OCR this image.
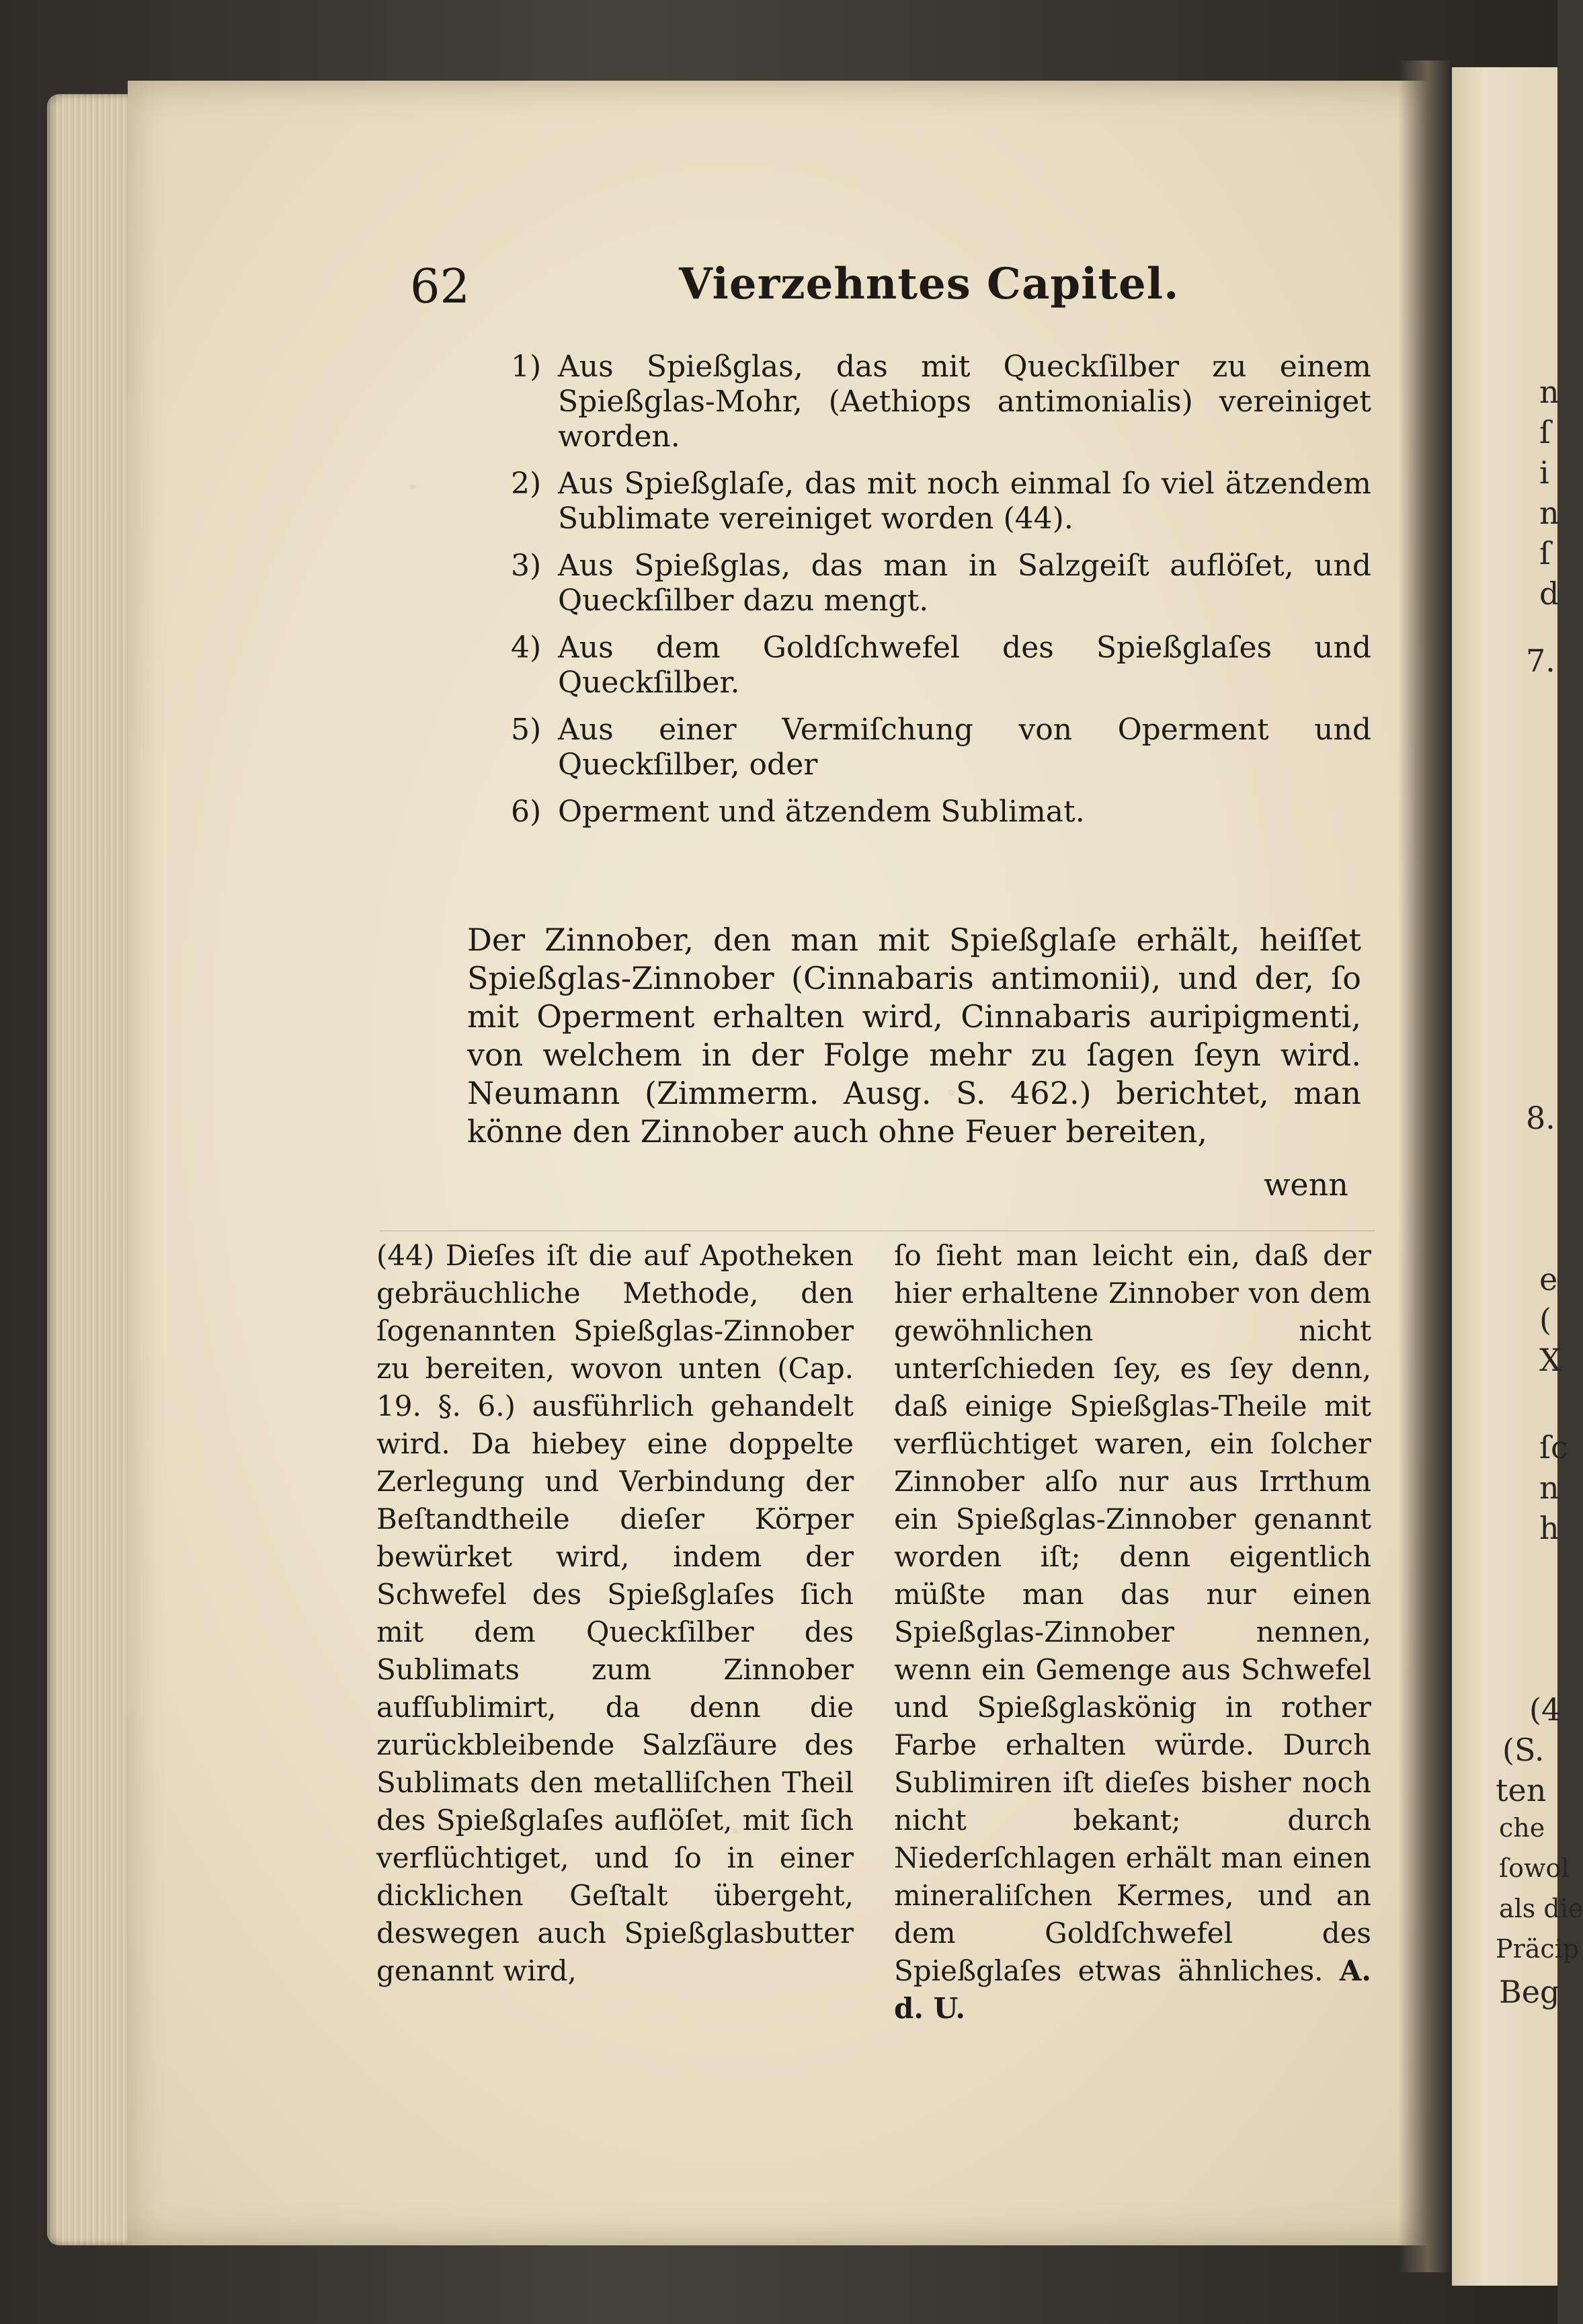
62	Vierzehntes Capitel.
1) Aus Spießglas, das mit Queckſilber zu einem Spießglas-Mohr, (Aethiops antimonialis) vereiniget worden.
2) Aus Spießglaſe, das mit noch einmal ſo viel ätzendem Sublimate vereiniget worden (44).
3) Aus Spießglas, das man in Salzgeiſt auflöſet, und Queckſilber dazu mengt.
4) Aus dem Goldſchwefel des Spießglaſes und Queckſilber.
5) Aus einer Vermiſchung von Operment und Queckſilber, oder
6) Operment und ätzendem Sublimat.
Der Zinnober, den man mit Spießglaſe erhält, heiſſet Spießglas-Zinnober (Cinnabaris antimonii), und der, ſo mit Operment erhalten wird, Cinnabaris auripigmenti, von welchem in der Folge mehr zu ſagen ſeyn wird. Neumann (Zimmerm. Ausg. S. 462.) berichtet, man könne den Zinnober auch ohne Feuer bereiten,
wenn
(44) Dieſes iſt die auf Apotheken gebräuchliche Methode, den ſogenannten Spießglas-Zinnober zu bereiten, wovon unten (Cap. 19. §. 6.) ausführlich gehandelt wird. Da hiebey eine doppelte Zerlegung und Verbindung der Beſtandtheile dieſer Körper bewürket wird, indem der Schwefel des Spießglaſes ſich mit dem Queckſilber des Sublimats zum Zinnober aufſublimirt, da denn die zurückbleibende Salzſäure des Sublimats den metalliſchen Theil des Spießglaſes auflöſet, mit ſich verflüchtiget, und ſo in einer dicklichen Geſtalt übergeht, deswegen auch Spießglasbutter genannt wird,
ſo ſieht man leicht ein, daß der hier erhaltene Zinnober von dem gewöhnlichen nicht unterſchieden ſey, es ſey denn, daß einige Spießglas-Theile mit verflüchtiget waren, ein ſolcher Zinnober alſo nur aus Irrthum ein Spießglas-Zinnober genannt worden iſt; denn eigentlich müßte man das nur einen Spießglas-Zinnober nennen, wenn ein Gemenge aus Schwefel und Spießglaskönig in rother Farbe erhalten würde. Durch Sublimiren iſt dieſes bisher noch nicht bekant; durch Niederſchlagen erhält man einen mineraliſchen Kermes, und an dem Goldſchwefel des Spießglaſes etwas ähnliches. A. d. U.
n
ſ
i
n
ſ
d
7.
8.
e
(
X
ſc
n
h
(4
(S.
ten
che
ſowol
als die
Präcip
Beg
